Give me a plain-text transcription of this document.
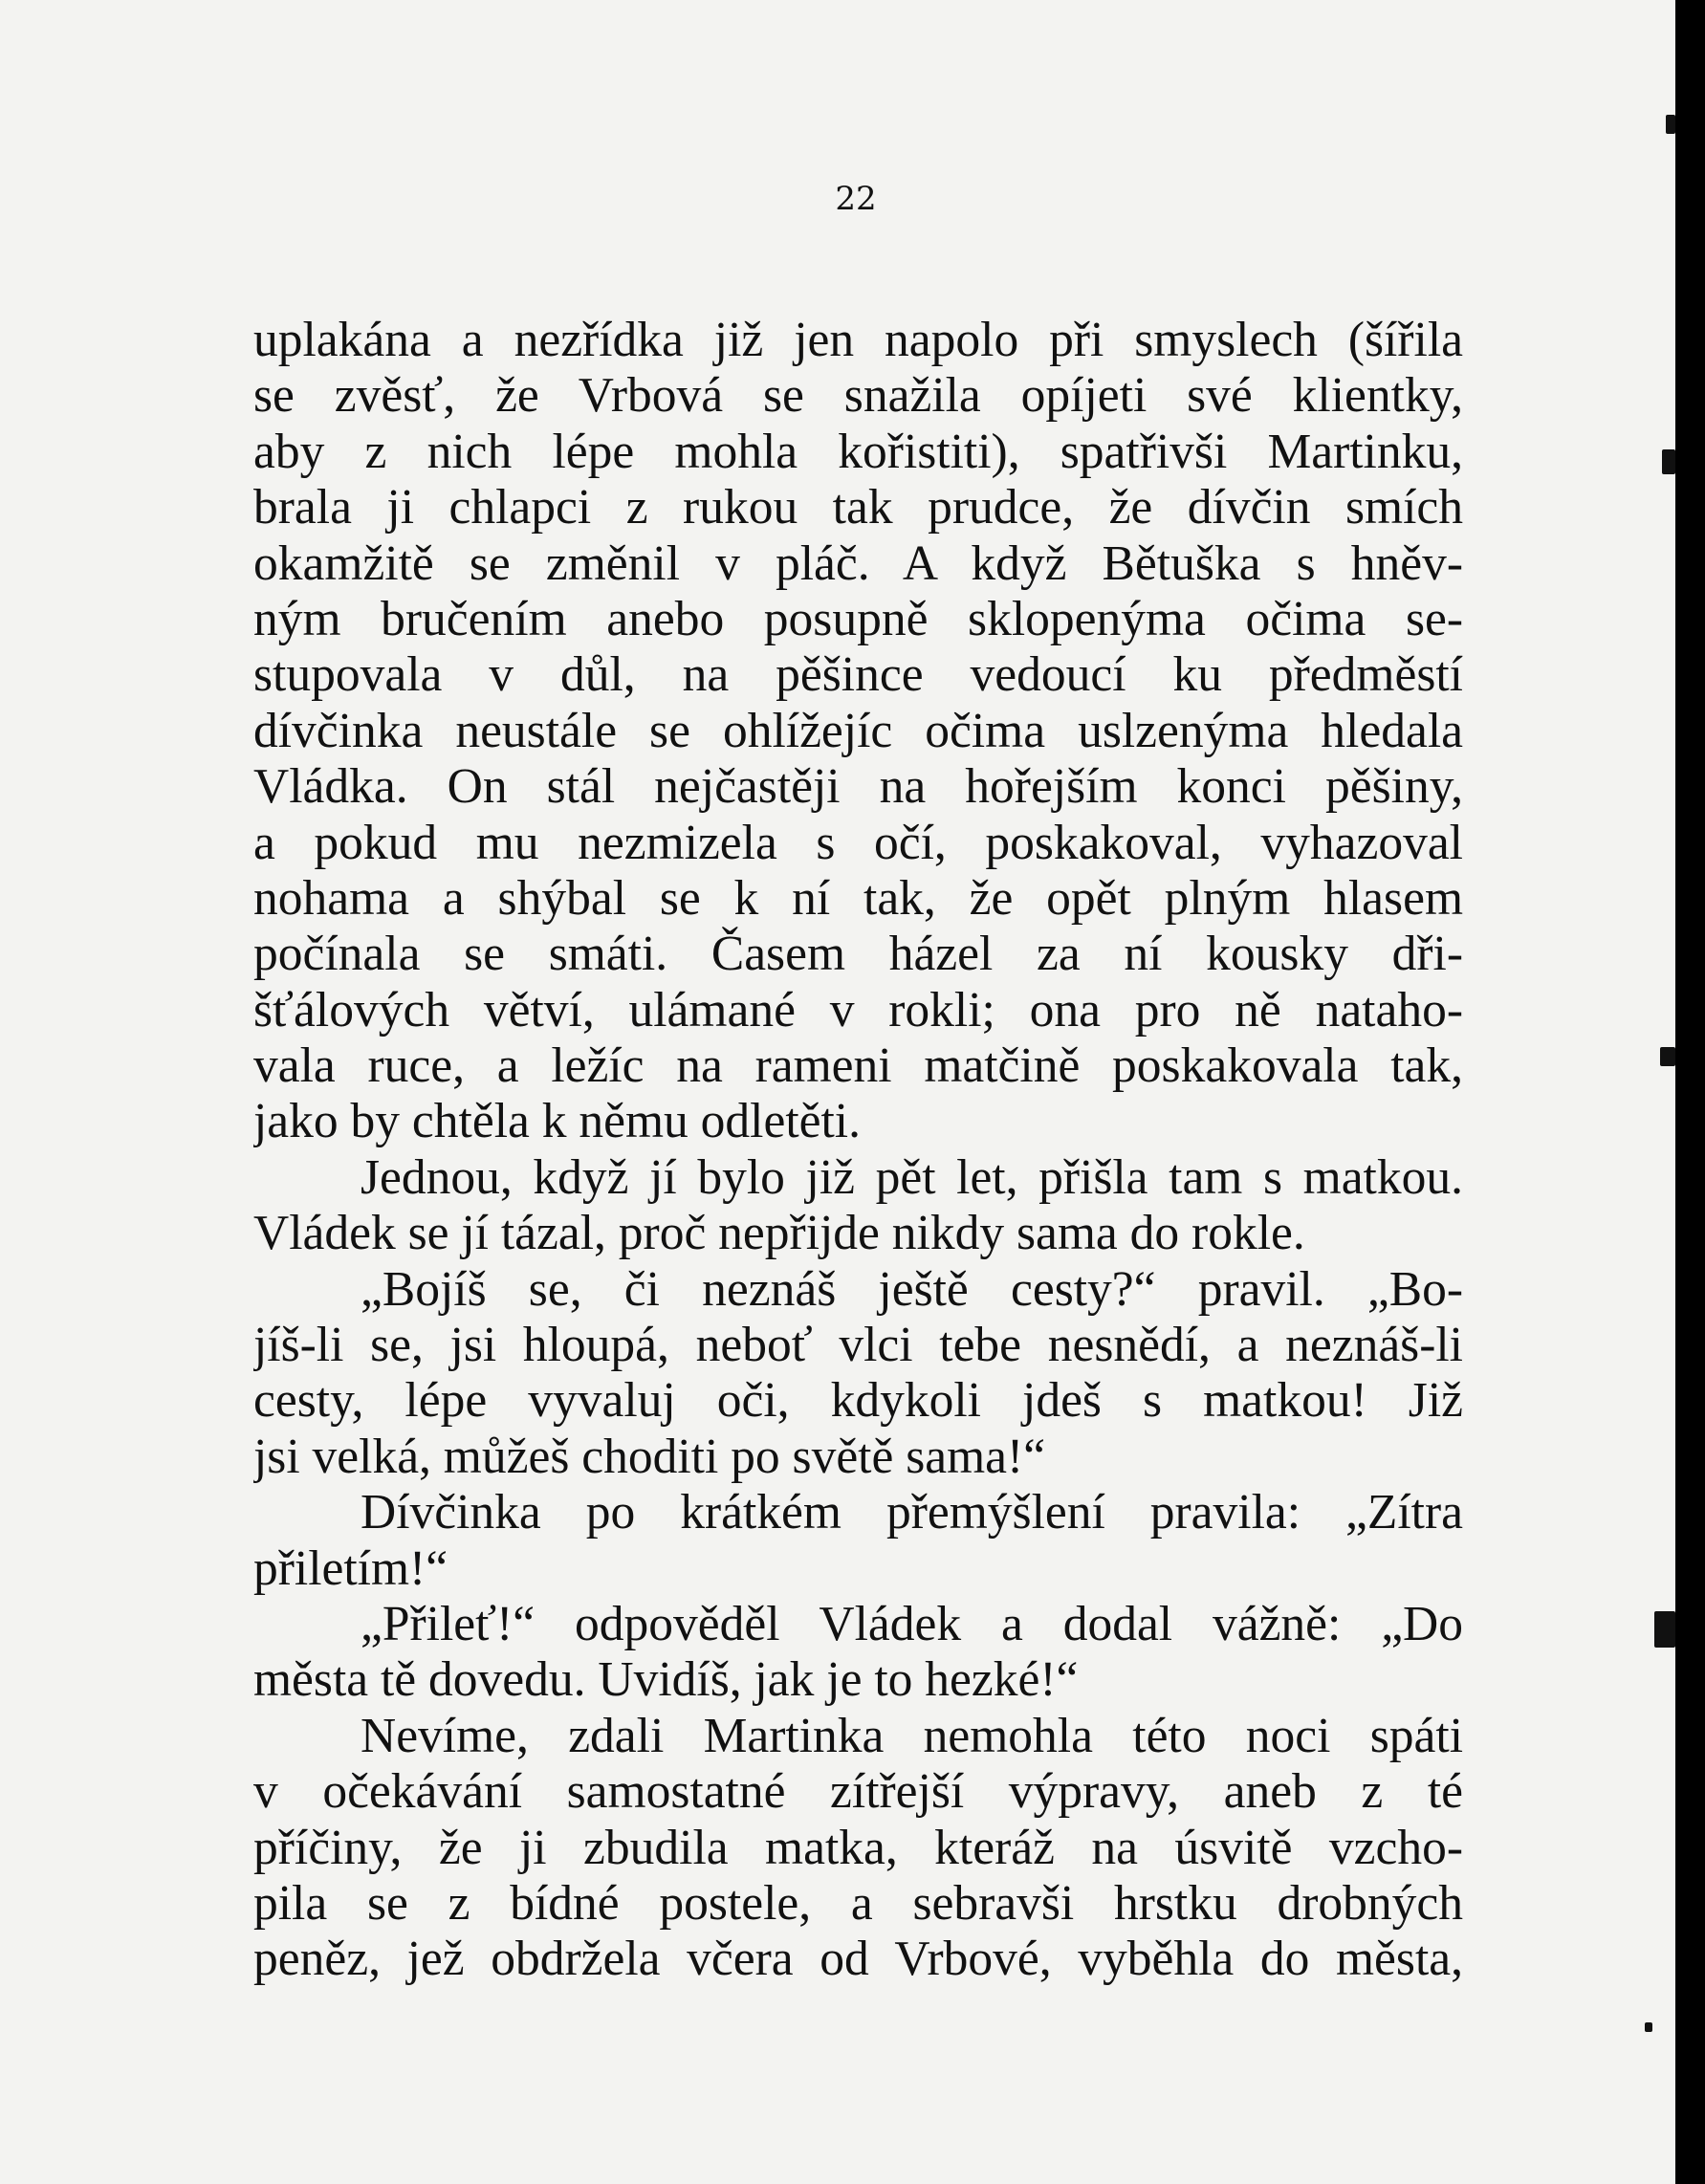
22
uplakána a nezřídka již jen napolo při smyslech (šířila
se zvěsť, že Vrbová se snažila opíjeti své klientky,
aby z nich lépe mohla kořistiti), spatřivši Martinku,
brala ji chlapci z rukou tak prudce, že dívčin smích
okamžitě se změnil v pláč. A když Bětuška s hněv-
ným bručením anebo posupně sklopenýma očima se-
stupovala v důl, na pěšince vedoucí ku předměstí
dívčinka neustále se ohlížejíc očima uslzenýma hledala
Vládka. On stál nejčastěji na hořejším konci pěšiny,
a pokud mu nezmizela s očí, poskakoval, vyhazoval
nohama a shýbal se k ní tak, že opět plným hlasem
počínala se smáti. Časem házel za ní kousky dři-
šťálových větví, ulámané v rokli; ona pro ně nataho-
vala ruce, a ležíc na rameni matčině poskakovala tak,
jako by chtěla k němu odletěti.
Jednou, když jí bylo již pět let, přišla tam s matkou.
Vládek se jí tázal, proč nepřijde nikdy sama do rokle.
„Bojíš se, či neznáš ještě cesty?“ pravil. „Bo-
jíš-li se, jsi hloupá, neboť vlci tebe nesnědí, a neznáš-li
cesty, lépe vyvaluj oči, kdykoli jdeš s matkou! Již
jsi velká, můžeš choditi po světě sama!“
Dívčinka po krátkém přemýšlení pravila: „Zítra
přiletím!“
„Přileť!“ odpověděl Vládek a dodal vážně: „Do
města tě dovedu. Uvidíš, jak je to hezké!“
Nevíme, zdali Martinka nemohla této noci spáti
v očekávání samostatné zítřejší výpravy, aneb z té
příčiny, že ji zbudila matka, kteráž na úsvitě vzcho-
pila se z bídné postele, a sebravši hrstku drobných
peněz, jež obdržela včera od Vrbové, vyběhla do města,
